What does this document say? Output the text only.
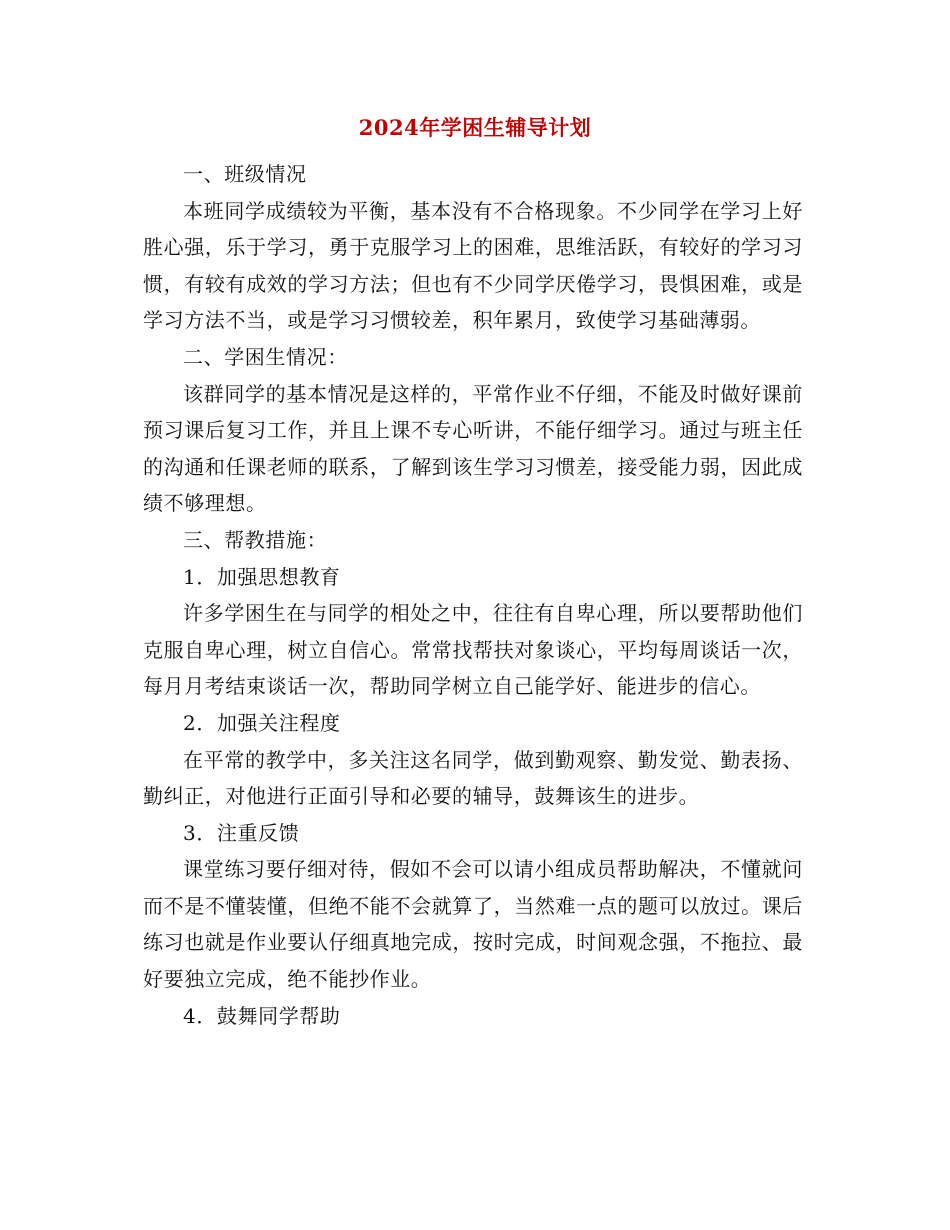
2024年学困生辅导计划

一、班级情况

本班同学成绩较为平衡，基本没有不合格现象。不少同学在学习上好胜心强，乐于学习，勇于克服学习上的困难，思维活跃，有较好的学习习惯，有较有成效的学习方法；但也有不少同学厌倦学习，畏惧困难，或是学习方法不当，或是学习习惯较差，积年累月，致使学习基础薄弱。

二、学困生情况：

该群同学的基本情况是这样的，平常作业不仔细，不能及时做好课前预习课后复习工作，并且上课不专心听讲，不能仔细学习。通过与班主任的沟通和任课老师的联系，了解到该生学习习惯差，接受能力弱，因此成绩不够理想。

三、帮教措施：

1．加强思想教育

许多学困生在与同学的相处之中，往往有自卑心理，所以要帮助他们克服自卑心理，树立自信心。常常找帮扶对象谈心，平均每周谈话一次，每月月考结束谈话一次，帮助同学树立自己能学好、能进步的信心。

2．加强关注程度

在平常的教学中，多关注这名同学，做到勤观察、勤发觉、勤表扬、勤纠正，对他进行正面引导和必要的辅导，鼓舞该生的进步。

3．注重反馈

课堂练习要仔细对待，假如不会可以请小组成员帮助解决，不懂就问而不是不懂装懂，但绝不能不会就算了，当然难一点的题可以放过。课后练习也就是作业要认仔细真地完成，按时完成，时间观念强，不拖拉、最好要独立完成，绝不能抄作业。

4．鼓舞同学帮助
